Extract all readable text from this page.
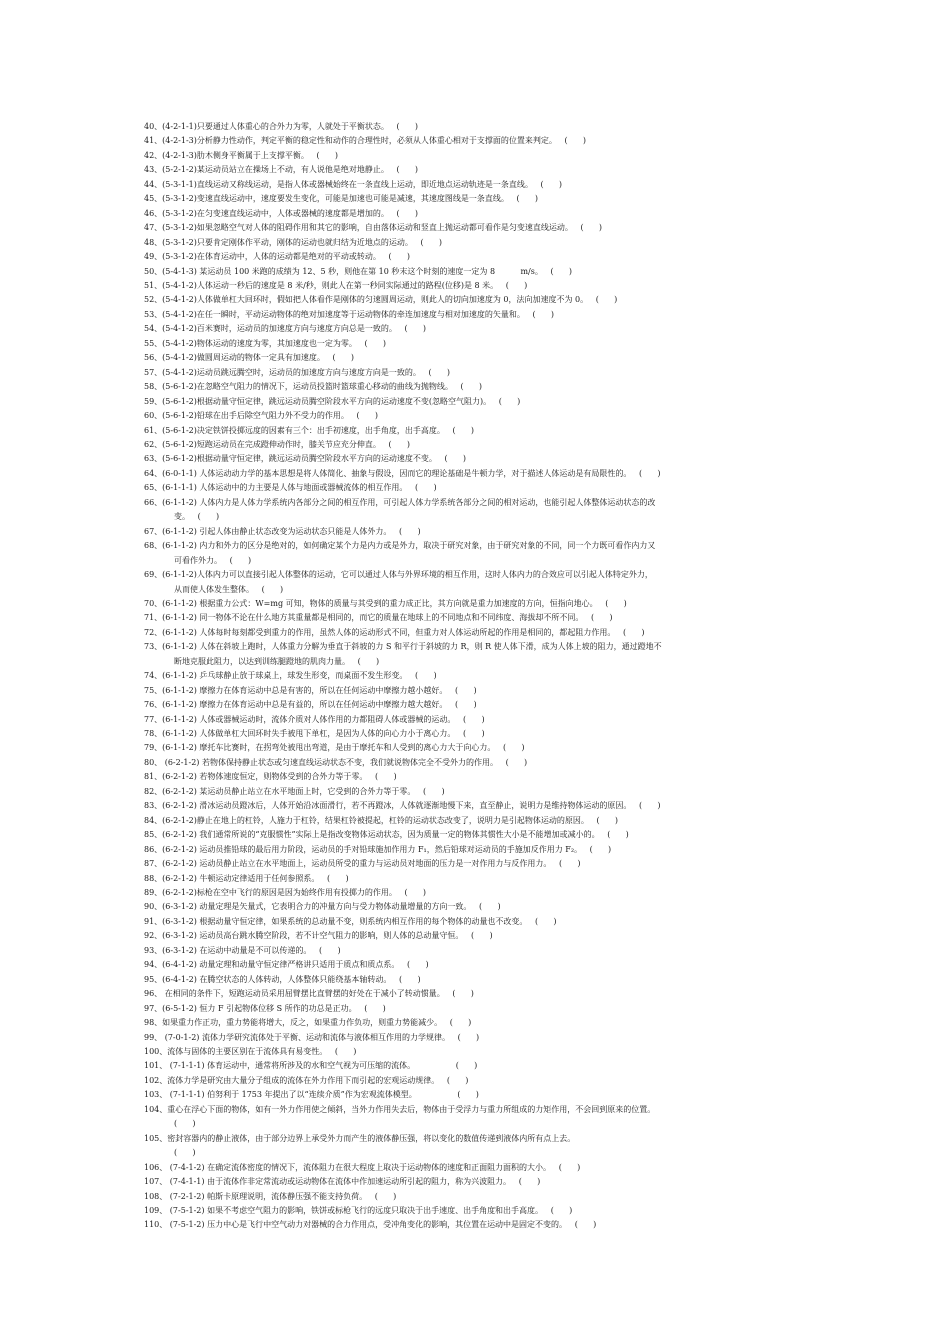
40、(4-2-1-1)只要通过人体重心的合外力为零，人就处于平衡状态。   (      )
41、(4-2-1-3)分析静力性动作，判定平衡的稳定性和动作的合理性时，必须从人体重心相对于支撑面的位置来判定。   (      )
42、(4-2-1-3)肋木侧身平衡属于上支撑平衡。   (      )
43、(5-2-1-2)某运动员站立在操场上不动，有人说他是绝对地静止。   (      )
44、(5-3-1-1)直线运动又称线运动，是指人体或器械始终在一条直线上运动，即近地点运动轨迹是一条直线。   (      )
45、(5-3-1-2)变速直线运动中，速度要发生变化，可能是加速也可能是减速，其速度图线是一条直线。   (      )
46、(5-3-1-2)在匀变速直线运动中，人体或器械的速度都是增加的。   (      )
47、(5-3-1-2)如果忽略空气对人体的阻碍作用和其它的影响，自由落体运动和竖直上抛运动都可看作是匀变速直线运动。   (      )
48、(5-3-1-2)只要肯定刚体作平动，刚体的运动也就归结为近地点的运动。   (      )
49、(5-3-1-2)在体育运动中，人体的运动都是绝对的平动或转动。   (      )
50、(5-4-1-3) 某运动员 100 米跑的成绩为 12、5 秒，则他在第 10 秒末这个时刻的速度一定为 8          m/s。   (      )
51、(5-4-1-2)人体运动一秒后的速度是 8 米/秒，则此人在第一秒同实际通过的路程(位移)是 8 米。   (      )
52、(5-4-1-2)人体做单杠大回环时，假如把人体看作是刚体的匀速圆周运动，则此人的切向加速度为 0，法向加速度不为 0。   (      )
53、(5-4-1-2)在任一瞬时，平动运动物体的绝对加速度等于运动物体的牵连加速度与相对加速度的矢量和。   (      )
54、(5-4-1-2)百米赛时，运动员的加速度方向与速度方向总是一致的。   (      )
55、(5-4-1-2)物体运动的速度为零，其加速度也一定为零。   (      )
56、(5-4-1-2)做圆周运动的物体一定具有加速度。   (      )
57、(5-4-1-2)运动员跳远腾空时，运动员的加速度方向与速度方向是一致的。   (      )
58、(5-6-1-2)在忽略空气阻力的情况下，运动员投篮时篮球重心移动的曲线为抛物线。   (      )
59、(5-6-1-2)根据动量守恒定律，跳远运动员腾空阶段水平方向的运动速度不变(忽略空气阻力)。   (      )
60、(5-6-1-2)铅球在出手后除空气阻力外不受力的作用。   (      )
61、(5-6-1-2)决定铁饼投掷远度的因素有三个：出手初速度，出手角度，出手高度。   (      )
62、(5-6-1-2)短跑运动员在完成蹬伸动作时，膝关节应充分伸直。   (      )
63、(5-6-1-2)根据动量守恒定律，跳远运动员腾空阶段水平方向的运动速度不变。   (      )
64、(6-0-1-1) 人体运动动力学的基本思想是将人体简化、抽象与假设，因而它的理论基础是牛顿力学，对于描述人体运动是有局限性的。   (      )
65、(6-1-1-1) 人体运动中的力主要是人体与地面或器械流体的相互作用。   (      )
66、(6-1-1-2) 人体内力是人体力学系统内各部分之间的相互作用，可引起人体力学系统各部分之间的相对运动，也能引起人体整体运动状态的改
变。   (      )
67、(6-1-1-2) 引起人体由静止状态改变为运动状态只能是人体外力。   (      )
68、(6-1-1-2) 内力和外力的区分是绝对的，如何确定某个力是内力或是外力，取决于研究对象，由于研究对象的不同，同一个力既可看作内力又
可看作外力。   (      )
69、(6-1-1-2)人体内力可以直接引起人体整体的运动，它可以通过人体与外界环境的相互作用，这时人体内力的合效应可以引起人体特定外力，
从而使人体发生整体。   (      )
70、(6-1-1-2) 根据重力公式：W=mg 可知，物体的质量与其受到的重力成正比，其方向就是重力加速度的方向，恒指向地心。   (      )
71、(6-1-1-2) 同一物体不论在什么地方其重量都是相同的，而它的质量在地球上的不同地点和不同纬度、海拔却不所不同。   (      )
72、(6-1-1-2) 人体每时每刻都受到重力的作用，虽然人体的运动形式不同，但重力对人体运动所起的作用是相同的，都起阻力作用。   (      )
73、(6-1-1-2) 人体在斜坡上跑时，人体重力分解为垂直于斜坡的力 S 和平行于斜坡的力 R，则 R 使人体下滑，成为人体上坡的阻力，通过蹬地不
断地克服此阻力，以达到训练腿蹬地的肌肉力量。   (      )
74、(6-1-1-2) 乒乓球静止放于球桌上，球发生形变，而桌面不发生形变。   (      )
75、(6-1-1-2) 摩擦力在体育运动中总是有害的，所以在任何运动中摩擦力越小越好。   (      )
76、(6-1-1-2) 摩擦力在体育运动中总是有益的，所以在任何运动中摩擦力越大越好。   (      )
77、(6-1-1-2) 人体或器械运动时，流体介质对人体作用的力都阻碍人体或器械的运动。   (      )
78、(6-1-1-2) 人体做单杠大回环时失手被甩下单杠，是因为人体的向心力小于离心力。   (      )
79、(6-1-1-2) 摩托车比赛时，在拐弯处被甩出弯道，是由于摩托车和人受到的离心力大于向心力。   (      )
80、 (6-2-1-2) 若物体保持静止状态或匀速直线运动状态不变，我们就说物体完全不受外力的作用。   (      )
81、(6-2-1-2) 若物体速度恒定，则物体受到的合外力等于零。   (      )
82、(6-2-1-2) 某运动员静止站立在水平地面上时，它受到的合外力等于零。   (      )
83、(6-2-1-2) 滑冰运动员蹬冰后，人体开始沿冰面滑行，若不再蹬冰，人体就逐渐地慢下来，直至静止，说明力是维持物体运动的原因。   (      )
84、(6-2-1-2)静止在地上的杠铃，人施力于杠铃，结果杠铃被提起，杠铃的运动状态改变了，说明力是引起物体运动的原因。   (      )
85、(6-2-1-2) 我们通常所说的“克服惯性”实际上是指改变物体运动状态，因为质量一定的物体其惯性大小是不能增加或减小的。   (      )
86、(6-2-1-2) 运动员推铅球的最后用力阶段，运动员的手对铅球施加作用力 F₁，然后铅球对运动员的手施加反作用力 F₂。   (      )
87、(6-2-1-2) 运动员静止站立在水平地面上，运动员所受的重力与运动员对地面的压力是一对作用力与反作用力。   (      )
88、(6-2-1-2) 牛顿运动定律适用于任何参照系。   (      )
89、(6-2-1-2)标枪在空中飞行的原因是因为始终作用有投掷力的作用。   (      )
90、(6-3-1-2) 动量定理是矢量式，它表明合力的冲量方向与受力物体动量增量的方向一致。   (      )
91、(6-3-1-2) 根据动量守恒定律，如果系统的总动量不变，则系统内相互作用的每个物体的动量也不改变。   (      )
92、(6-3-1-2) 运动员高台跳水腾空阶段，若不计空气阻力的影响，则人体的总动量守恒。   (      )
93、(6-3-1-2) 在运动中动量是不可以传递的。   (      )
94、(6-4-1-2) 动量定理和动量守恒定律严格讲只适用于质点和质点系。   (      )
95、(6-4-1-2) 在腾空状态的人体转动，人体整体只能绕基本轴转动。   (      )
96、 在相同的条件下，短跑运动员采用屈臂摆比直臂摆的好处在于减小了转动惯量。   (      )
97、(6-5-1-2) 恒力 F 引起物体位移 S 所作的功总是正功。   (      )
98、如果重力作正功，重力势能将增大，反之，如果重力作负功，则重力势能减少。   (      )
99、 (7-0-1-2) 流体力学研究流体处于平衡、运动和流体与液体相互作用的力学规律。   (      )
100、流体与固体的主要区别在于流体具有易变性。   (      )
101、 (7-1-1-1) 体育运动中，通常将所涉及的水和空气视为可压缩的流体。                (      )
102、流体力学是研究由大量分子组成的流体在外力作用下而引起的宏观运动规律。   (      )
103、 (7-1-1-1) 伯努利于 1753 年提出了以“连续介质”作为宏观流体模型。                (      )
104、重心在浮心下面的物体，如有一外力作用使之倾斜，当外力作用失去后，物体由于受浮力与重力所组成的力矩作用，不会回到原来的位置。
(      )
105、密封容器内的静止液体，由于部分边界上承受外力而产生的液体静压强，将以变化的数值传递到液体内所有点上去。
(      )
106、 (7-4-1-2) 在确定流体密度的情况下，流体阻力在很大程度上取决于运动物体的速度和正面阻力面积的大小。   (      )
107、 (7-4-1-1) 由于流体作非定常流动或运动物体在流体中作加速运动所引起的阻力，称为兴波阻力。   (      )
108、 (7-2-1-2) 帕斯卡原理说明，流体静压强不能支持负荷。   (      )
109、 (7-5-1-2) 如果不考虑空气阻力的影响，铁饼或标枪飞行的远度只取决于出手速度、出手角度和出手高度。   (      )
110、 (7-5-1-2) 压力中心是飞行中空气动力对器械的合力作用点，受冲角变化的影响，其位置在运动中是固定不变的。   (      )
